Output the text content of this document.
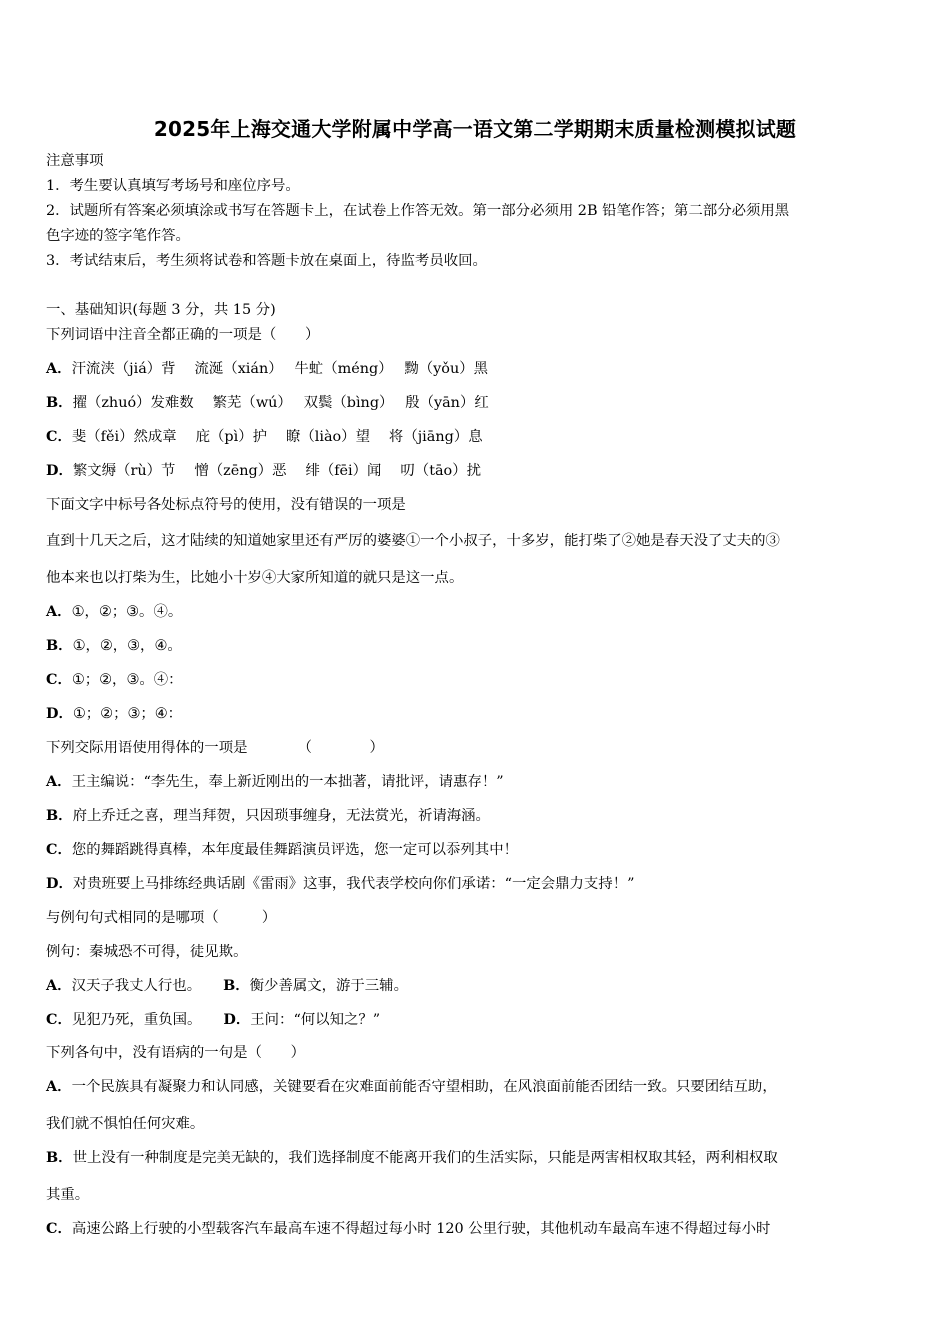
2025年上海交通大学附属中学高一语文第二学期期末质量检测模拟试题
注意事项
1．考生要认真填写考场号和座位序号。
2．试题所有答案必须填涂或书写在答题卡上，在试卷上作答无效。第一部分必须用 2B 铅笔作答；第二部分必须用黑
色字迹的签字笔作答。
3．考试结束后，考生须将试卷和答题卡放在桌面上，待监考员收回。
一、基础知识(每题 3 分，共 15 分)
下列词语中注音全都正确的一项是（　　）
A．汗流浃（jiá）背　 流涎（xián）　 牛虻（méng）　 黝（yǒu）黑
B．擢（zhuó）发难数　 繁芜（wú）　 双鬓（bìng）　 殷（yān）红
C．斐（fěi）然成章　 庇（pì）护　 瞭（liào）望　 将（jiāng）息
D．繁文缛（rù）节　 憎（zēng）恶　 绯（fēi）闻　 叨（tāo）扰
下面文字中标号各处标点符号的使用，没有错误的一项是
直到十几天之后，这才陆续的知道她家里还有严厉的婆婆①一个小叔子，十多岁，能打柴了②她是春天没了丈夫的③
他本来也以打柴为生，比她小十岁④大家所知道的就只是这一点。
A．①，②；③。④。
B．①，②，③，④。
C．①；②，③。④：
D．①；②；③；④：
下列交际用语使用得体的一项是	（　　　　）
A．王主编说：“李先生，奉上新近刚出的一本拙著，请批评，请惠存！”
B．府上乔迁之喜，理当拜贺，只因琐事缠身，无法赏光，祈请海涵。
C．您的舞蹈跳得真棒，本年度最佳舞蹈演员评选，您一定可以忝列其中！
D．对贵班要上马排练经典话剧《雷雨》这事，我代表学校向你们承诺：“一定会鼎力支持！”
与例句句式相同的是哪项（　　　）
例句：秦城恐不可得，徒见欺。
A．汉天子我丈人行也。 B．衡少善属文，游于三辅。
C．见犯乃死，重负国。 D．王问：“何以知之？”
下列各句中，没有语病的一句是（　　）
A．一个民族具有凝聚力和认同感，关键要看在灾难面前能否守望相助，在风浪面前能否团结一致。只要团结互助，
我们就不惧怕任何灾难。
B．世上没有一种制度是完美无缺的，我们选择制度不能离开我们的生活实际，只能是两害相权取其轻，两利相权取
其重。
C．高速公路上行驶的小型载客汽车最高车速不得超过每小时 120 公里行驶，其他机动车最高车速不得超过每小时
